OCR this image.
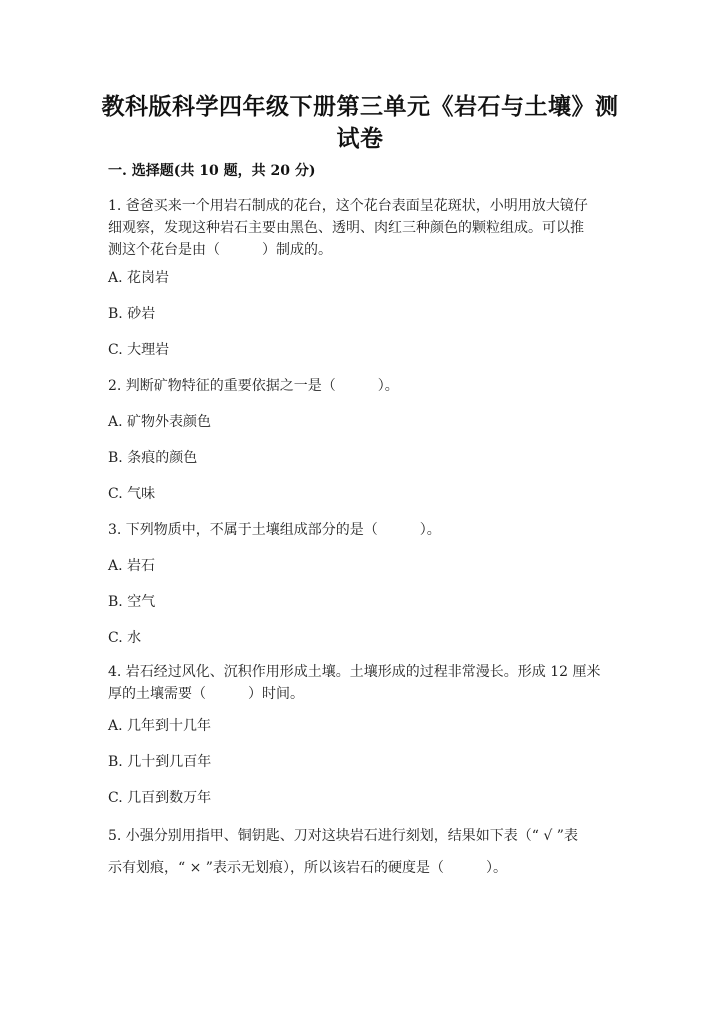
教科版科学四年级下册第三单元《岩石与土壤》测
试卷
一. 选择题(共 10 题，共 20 分)
1. 爸爸买来一个用岩石制成的花台，这个花台表面呈花斑状，小明用放大镜仔
细观察，发现这种岩石主要由黑色、透明、肉红三种颜色的颗粒组成。可以推
测这个花台是由（　　　）制成的。
A. 花岗岩
B. 砂岩
C. 大理岩
2. 判断矿物特征的重要依据之一是（　　　）。
A. 矿物外表颜色
B. 条痕的颜色
C. 气味
3. 下列物质中，不属于土壤组成部分的是（　　　）。
A. 岩石
B. 空气
C. 水
4. 岩石经过风化、沉积作用形成土壤。土壤形成的过程非常漫长。形成 12 厘米
厚的土壤需要（　　　）时间。
A. 几年到十几年
B. 几十到几百年
C. 几百到数万年
5. 小强分别用指甲、铜钥匙、刀对这块岩石进行刻划，结果如下表（“ √ ”表
示有划痕，“ × ”表示无划痕），所以该岩石的硬度是（　　　）。
